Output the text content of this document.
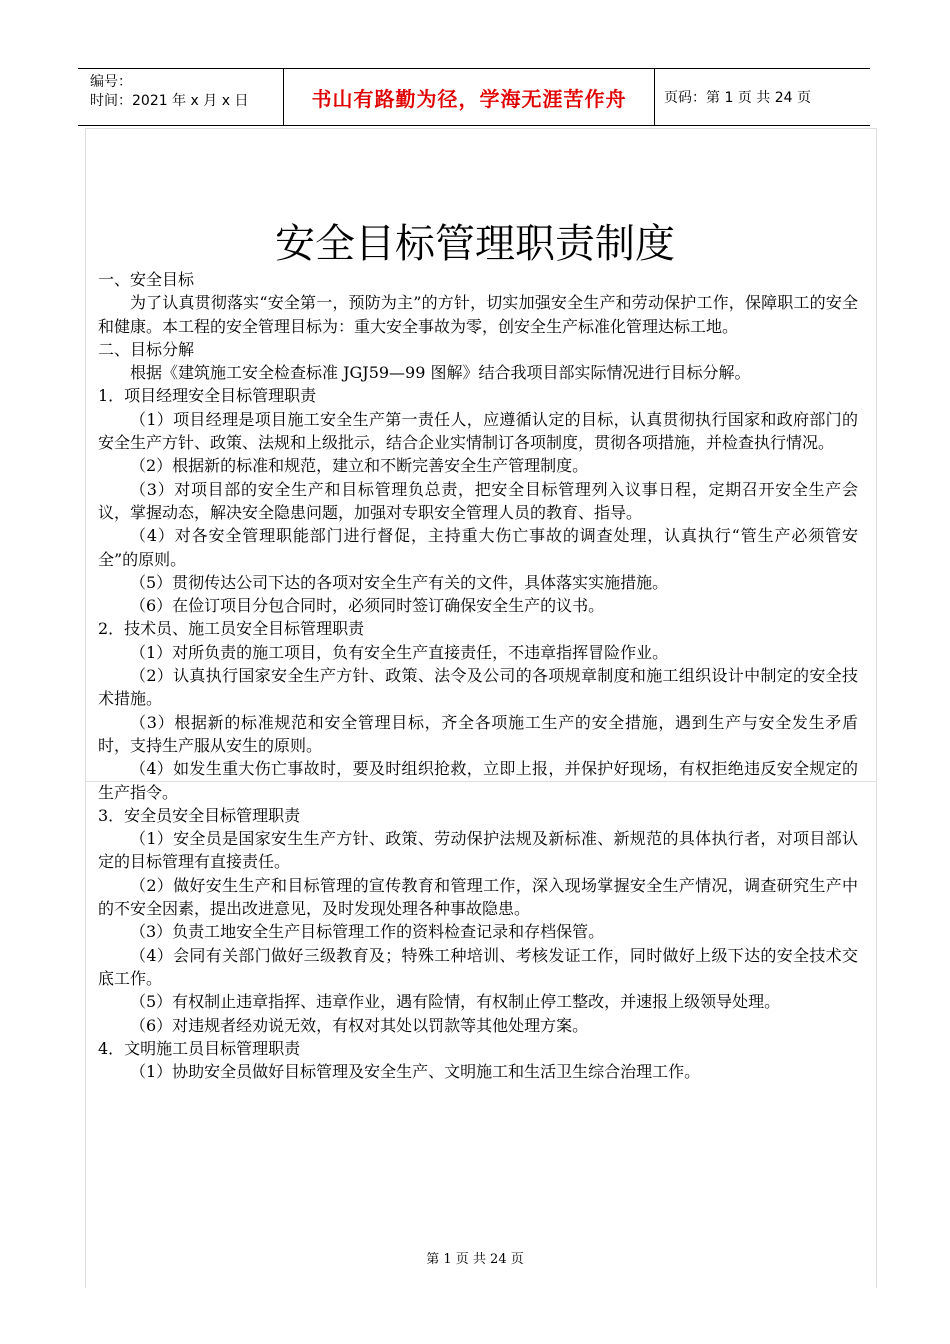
编号：
时间：2021 年 x 月 x 日	书山有路勤为径，学海无涯苦作舟	页码：第 1 页 共 24 页
安全目标管理职责制度

一、安全目标

为了认真贯彻落实“安全第一，预防为主”的方针，切实加强安全生产和劳动保护工作，保障职工的安全和健康。本工程的安全管理目标为：重大安全事故为零，创安全生产标准化管理达标工地。

二、目标分解

根据《建筑施工安全检查标准 JGJ59—99 图解》结合我项目部实际情况进行目标分解。

1．项目经理安全目标管理职责

（1）项目经理是项目施工安全生产第一责任人，应遵循认定的目标，认真贯彻执行国家和政府部门的安全生产方针、政策、法规和上级批示，结合企业实情制订各项制度，贯彻各项措施，并检查执行情况。

（2）根据新的标准和规范，建立和不断完善安全生产管理制度。

（3）对项目部的安全生产和目标管理负总责，把安全目标管理列入议事日程，定期召开安全生产会议，掌握动态，解决安全隐患问题，加强对专职安全管理人员的教育、指导。

（4）对各安全管理职能部门进行督促，主持重大伤亡事故的调查处理，认真执行“管生产必须管安全”的原则。

（5）贯彻传达公司下达的各项对安全生产有关的文件，具体落实实施措施。

（6）在俭订项目分包合同时，必须同时签订确保安全生产的议书。

2．技术员、施工员安全目标管理职责

（1）对所负责的施工项目，负有安全生产直接责任，不违章指挥冒险作业。

（2）认真执行国家安全生产方针、政策、法令及公司的各项规章制度和施工组织设计中制定的安全技术措施。

（3）根据新的标准规范和安全管理目标，齐全各项施工生产的安全措施，遇到生产与安全发生矛盾时，支持生产服从安生的原则。

（4）如发生重大伤亡事故时，要及时组织抢救，立即上报，并保护好现场，有权拒绝违反安全规定的生产指令。

3．安全员安全目标管理职责

（1）安全员是国家安生生产方针、政策、劳动保护法规及新标准、新规范的具体执行者，对项目部认定的目标管理有直接责任。

（2）做好安生生产和目标管理的宣传教育和管理工作，深入现场掌握安全生产情况，调查研究生产中的不安全因素，提出改进意见，及时发现处理各种事故隐患。

（3）负责工地安全生产目标管理工作的资料检查记录和存档保管。

（4）会同有关部门做好三级教育及；特殊工种培训、考核发证工作，同时做好上级下达的安全技术交底工作。

（5）有权制止违章指挥、违章作业，遇有险情，有权制止停工整改，并速报上级领导处理。

（6）对违规者经劝说无效，有权对其处以罚款等其他处理方案。

4．文明施工员目标管理职责

（1）协助安全员做好目标管理及安全生产、文明施工和生活卫生综合治理工作。

第 1 页 共 24 页
